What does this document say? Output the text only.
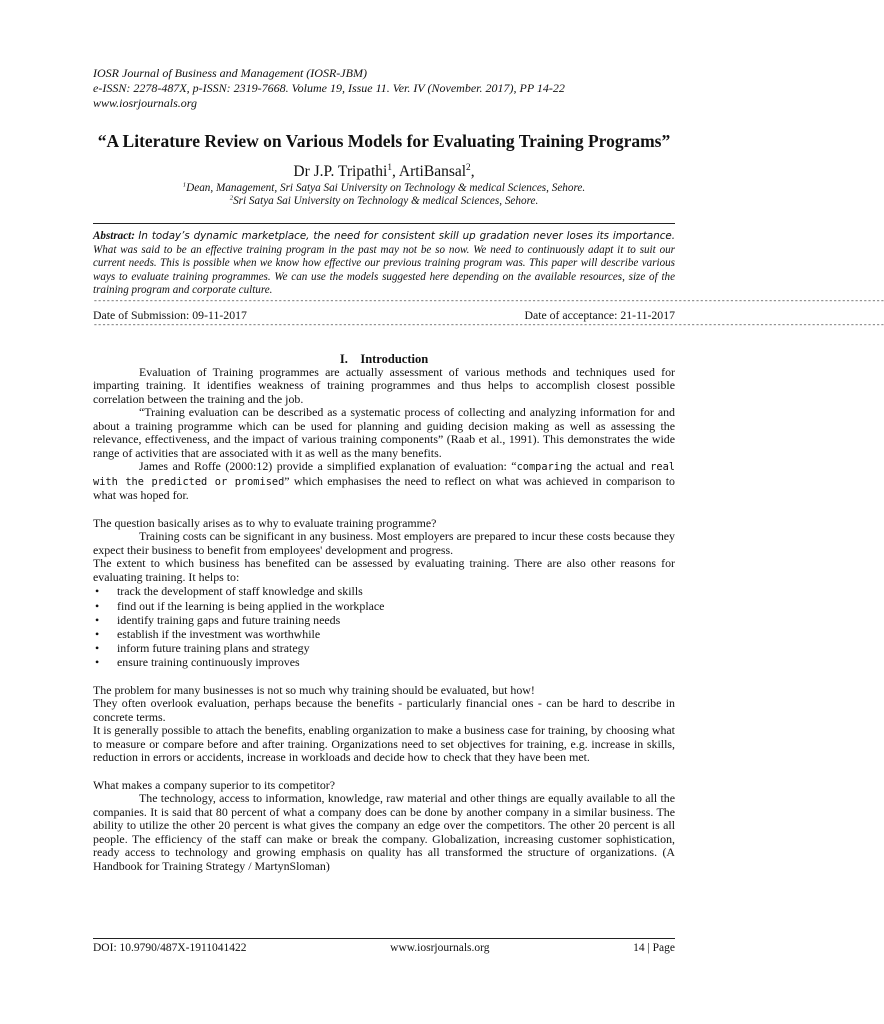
IOSR Journal of Business and Management (IOSR-JBM)
e-ISSN: 2278-487X, p-ISSN: 2319-7668. Volume 19, Issue 11. Ver. IV (November. 2017), PP 14-22
www.iosrjournals.org
“A Literature Review on Various Models for Evaluating Training Programs”
Dr J.P. Tripathi$^1$, ArtiBansal$^2$,
$^1$Dean, Management, Sri Satya Sai University on Technology & medical Sciences, Sehore.
$^2$Sri Satya Sai University on Technology & medical Sciences, Sehore.
Abstract: In today’s dynamic marketplace, the need for consistent skill up gradation never loses its importance. What was said to be an effective training program in the past may not be so now. We need to continuously adapt it to suit our current needs. This is possible when we know how effective our previous training program was. This paper will describe various ways to evaluate training programmes. We can use the models suggested here depending on the available resources, size of the training program and corporate culture.
----------------------------------------------------------------------------------------------------------------------------------------------------------------------------------------
Date of Submission: 09-11-2017	Date of acceptance: 21-11-2017
----------------------------------------------------------------------------------------------------------------------------------------------------------------------------------------
I. Introduction

Evaluation of Training programmes are actually assessment of various methods and techniques used for imparting training. It identifies weakness of training programmes and thus helps to accomplish closest possible correlation between the training and the job.

“Training evaluation can be described as a systematic process of collecting and analyzing information for and about a training programme which can be used for planning and guiding decision making as well as assessing the relevance, effectiveness, and the impact of various training components” (Raab et al., 1991). This demonstrates the wide range of activities that are associated with it as well as the many benefits.

James and Roffe (2000:12) provide a simplified explanation of evaluation: “comparing the actual and real with the predicted or promised” which emphasises the need to reflect on what was achieved in comparison to what was hoped for.

The question basically arises as to why to evaluate training programme?

Training costs can be significant in any business. Most employers are prepared to incur these costs because they expect their business to benefit from employees' development and progress.

The extent to which business has benefited can be assessed by evaluating training. There are also other reasons for evaluating training. It helps to:

• track the development of staff knowledge and skills
• find out if the learning is being applied in the workplace
• identify training gaps and future training needs
• establish if the investment was worthwhile
• inform future training plans and strategy
• ensure training continuously improves

The problem for many businesses is not so much why training should be evaluated, but how!

They often overlook evaluation, perhaps because the benefits - particularly financial ones - can be hard to describe in concrete terms.

It is generally possible to attach the benefits, enabling organization to make a business case for training, by choosing what to measure or compare before and after training. Organizations need to set objectives for training, e.g. increase in skills, reduction in errors or accidents, increase in workloads and decide how to check that they have been met.

What makes a company superior to its competitor?

The technology, access to information, knowledge, raw material and other things are equally available to all the companies. It is said that 80 percent of what a company does can be done by another company in a similar business. The ability to utilize the other 20 percent is what gives the company an edge over the competitors. The other 20 percent is all people. The efficiency of the staff can make or break the company. Globalization, increasing customer sophistication, ready access to technology and growing emphasis on quality has all transformed the structure of organizations. (A Handbook for Training Strategy / MartynSloman)

DOI: 10.9790/487X-1911041422	www.iosrjournals.org	14 | Page
